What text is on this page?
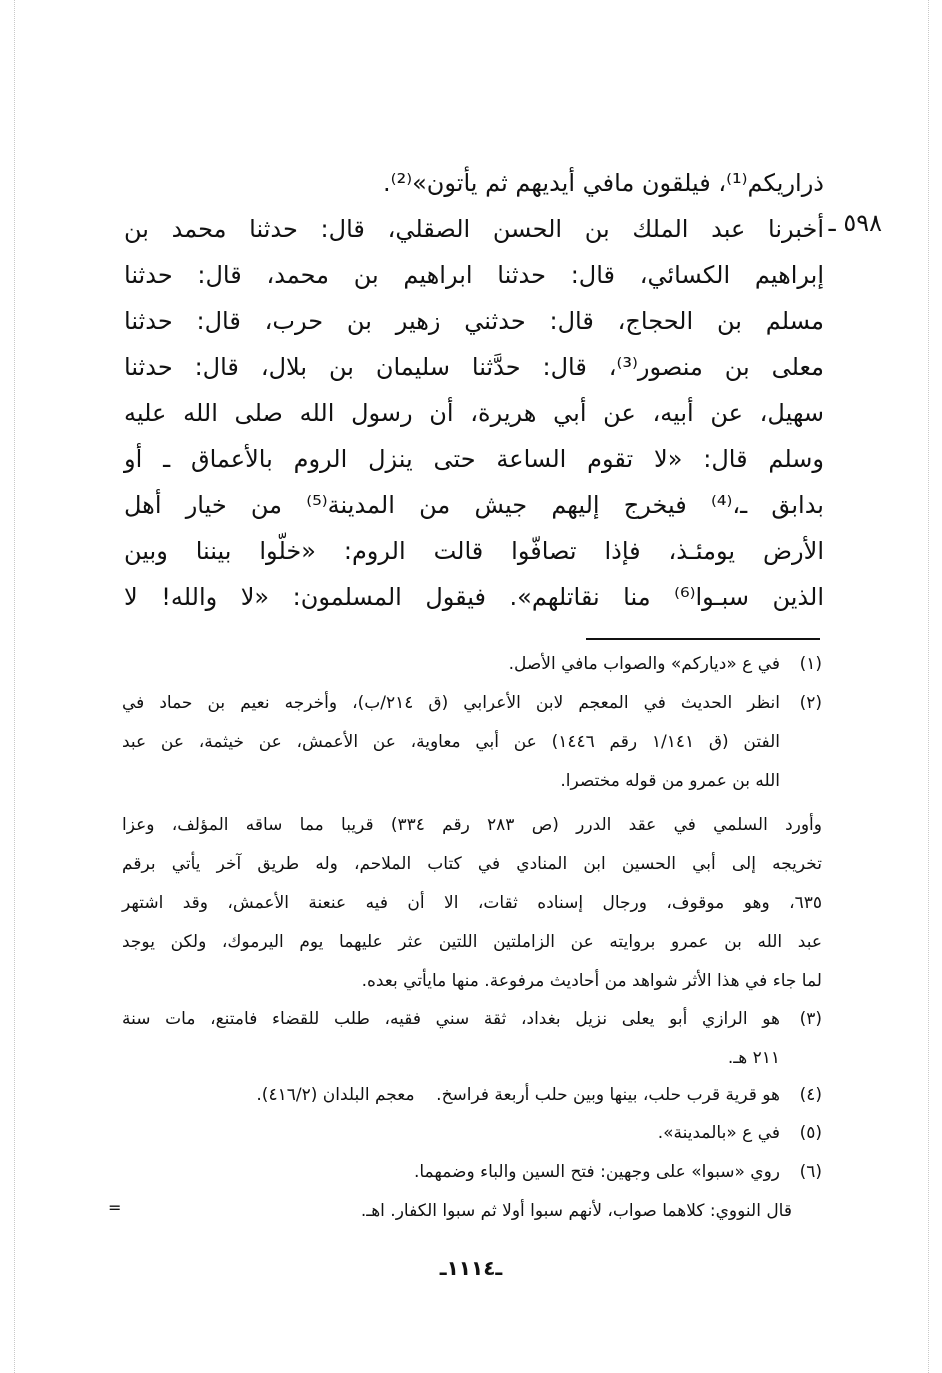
ذراريكم⁽¹⁾، فيلقون مافي أيديهم ثم يأتون»⁽²⁾.
أخبرنا عبد الملك بن الحسن الصقلي، قال: حدثنا محمد بن
إبراهيم الكسائي، قال: حدثنا ابراهيم بن محمد، قال: حدثنا
مسلم بن الحجاج، قال: حدثني زهير بن حرب، قال: حدثنا
معلى بن منصور⁽³⁾، قال: حدَّثنا سليمان بن بلال، قال: حدثنا
سهيل، عن أبيه، عن أبي هريرة، أن رسول الله صلى الله عليه
وسلم قال: «لا تقوم الساعة حتى ينزل الروم بالأعماق ـ أو
بدابق ـ،⁽⁴⁾ فيخرج إليهم جيش من المدينة⁽⁵⁾ من خيار أهل
الأرض يومئـذ، فإذا تصافّوا قالت الروم: «خلّوا بيننا وبين
الذين سبـوا⁽⁶⁾ منا نقاتلهم». فيقول المسلمون: «لا والله! لا
٥٩٨ ـ
(١)في ع «ديارکم» والصواب مافي الأصل.
(٢)انظر الحديث في المعجم لابن الأعرابي (ق ٢١٤/ب)، وأخرجه نعيم بن حماد في
الفتن (ق ١/١٤١ رقم ١٤٤٦) عن أبي معاوية، عن الأعمش، عن خيثمة، عن عبد
الله بن عمرو من قوله مختصرا.
وأورد السلمي في عقد الدرر (ص ٢٨٣ رقم ٣٣٤) قريبا مما ساقه المؤلف، وعزا
تخريجه إلى أبي الحسين ابن المنادي في كتاب الملاحم، وله طريق آخر يأتي برقم
٦٣٥، وهو موقوف، ورجال إسناده ثقات، الا أن فيه عنعنة الأعمش، وقد اشتهر
عبد الله بن عمرو بروايته عن الزاملتين اللتين عثر عليهما يوم اليرموك، ولكن يوجد
لما جاء في هذا الأثر شواهد من أحاديث مرفوعة. منها مايأتي بعده.
(٣)هو الرازي أبو يعلى نزيل بغداد، ثقة سني فقيه، طلب للقضاء فامتنع، مات سنة
٢١١ هـ.
(٤)هو قرية قرب حلب، بينها وبين حلب أربعة فراسخ.    معجم البلدان (٤١٦/٢).
(٥)في ع «بالمدينة».
(٦)روي «سبوا» على وجهين: فتح السين والباء وضمهما.
قال النووي: كلاهما صواب، لأنهم سبوا أولا ثم سبوا الكفار. اهـ.
=
ـ١١١٤ـ
